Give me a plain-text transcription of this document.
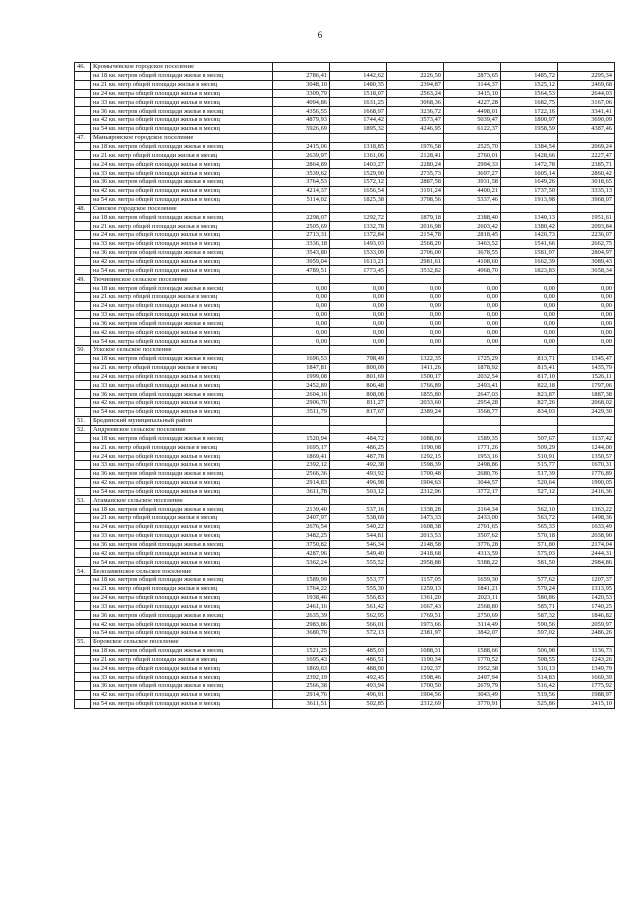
6
46.	Кромычевское городское поселение						
	на 18 кв. метров общей площади жилья в месяц	2786,41	1442,62	2226,50	2873,65	1485,72	2295,34
	на 21 кв. метр общей площади жилья в месяц	3048,10	1480,35	2394,87	3144,37	1525,12	2469,68
	на 24 кв. метра общей площади жилья в месяц	3309,79	1518,07	2563,24	3415,10	1564,53	2644,03
	на 33 кв. метра общей площади жилья в месяц	4094,86	1631,25	3068,36	4227,28	1682,75	3167,06
	на 36 кв. метров общей площади жилья в месяц	4356,55	1668,97	3236,72	4498,01	1722,16	3341,41
	на 42 кв. метра общей площади жилья в месяц	4879,93	1744,42	3573,47	5039,47	1800,97	3690,09
	на 54 кв. метра общей площади жилья в месяц	5926,69	1895,32	4246,95	6122,37	1958,59	4387,46
47.	Маньяровское городское поселение						
	на 18 кв. метров общей площади жилья в месяц	2415,06	1318,85	1976,58	2525,70	1384,54	2069,24
	на 21 кв. метр общей площади жилья в месяц	2639,97	1361,06	2128,41	2760,01	1428,66	2227,47
	на 24 кв. метра общей площади жилья в месяц	2864,89	1403,27	2280,24	2994,33	1472,78	2385,71
	на 33 кв. метра общей площади жилья в месяц	3539,62	1529,90	2735,73	3697,27	1605,14	2860,42
	на 36 кв. метров общей площади жилья в месяц	3764,53	1572,12	2887,58	3931,58	1649,26	3018,65
	на 42 кв. метра общей площади жилья в месяц	4214,37	1656,54	3191,24	4400,21	1737,50	3335,13
	на 54 кв. метра общей площади жилья в месяц	5114,02	1825,38	3798,56	5337,46	1913,98	3968,07
48.	Синское городское поселение						
	на 18 кв. метров общей площади жилья в месяц	2298,07	1292,72	1879,18	2388,40	1340,13	1951,61
	на 21 кв. метр общей площади жилья в месяц	2505,69	1332,78	2016,98	2603,42	1380,42	2093,84
	на 24 кв. метра общей площади жилья в месяц	2713,31	1372,84	2154,78	2818,45	1420,73	2236,07
	на 33 кв. метра общей площади жилья в месяц	3336,18	1493,03	2568,20	3463,52	1541,66	2662,75
	на 36 кв. метров общей площади жилья в месяц	3543,80	1533,09	2706,00	3678,55	1581,97	2804,97
	на 42 кв. метра общей площади жилья в месяц	3959,04	1613,21	2981,61	4108,60	1662,39	3089,43
	на 54 кв. метра общей площади жилья в месяц	4789,51	1773,45	3532,82	4968,70	1823,83	3658,34
49.	Тючипинское сельское поселение						
	на 18 кв. метров общей площади жилья в месяц	0,00	0,00	0,00	0,00	0,00	0,00
	на 21 кв. метр общей площади жилья в месяц	0,00	0,00	0,00	0,00	0,00	0,00
	на 24 кв. метра общей площади жилья в месяц	0,00	0,00	0,00	0,00	0,00	0,00
	на 33 кв. метра общей площади жилья в месяц	0,00	0,00	0,00	0,00	0,00	0,00
	на 36 кв. метров общей площади жилья в месяц	0,00	0,00	0,00	0,00	0,00	0,00
	на 42 кв. метра общей площади жилья в месяц	0,00	0,00	0,00	0,00	0,00	0,00
	на 54 кв. метра общей площади жилья в месяц	0,00	0,00	0,00	0,00	0,00	0,00
50.	Ускское сельское поселение						
	на 18 кв. метров общей площади жилья в месяц	1696,53	798,49	1322,35	1725,29	813,71	1345,47
	на 21 кв. метр общей площади жилья в месяц	1847,81	800,09	1411,26	1878,92	815,41	1435,79
	на 24 кв. метра общей площади жилья в месяц	1999,08	801,69	1500,17	2032,54	817,10	1526,11
	на 33 кв. метра общей площади жилья в месяц	2452,89	806,48	1766,89	2493,41	822,18	1797,06
	на 36 кв. метров общей площади жилья в месяц	2604,16	808,08	1855,80	2647,03	823,87	1887,38
	на 42 кв. метра общей площади жилья в месяц	2906,70	811,27	2033,60	2954,28	827,26	2068,02
	на 54 кв. метра общей площади жилья в месяц	3511,79	817,67	2389,24	3568,77	834,03	2429,30
51.	Брединский муниципальный район						
52.	Андреевское сельское поселение						
	на 18 кв. метров общей площади жилья в месяц	1520,94	484,72	1088,00	1589,35	507,67	1137,42
	на 21 кв. метр общей площади жилья в месяц	1695,17	486,25	1190,08	1771,26	509,29	1244,00
	на 24 кв. метра общей площади жилья в месяц	1869,41	487,78	1292,15	1953,16	510,91	1350,57
	на 33 кв. метра общей площади жилья в месяц	2392,12	492,38	1598,39	2498,86	515,77	1670,31
	на 36 кв. метров общей площади жилья в месяц	2566,36	493,92	1700,48	2680,76	517,39	1776,89
	на 42 кв. метра общей площади жилья в месяц	2914,83	496,98	1904,63	3044,57	520,64	1990,05
	на 54 кв. метра общей площади жилья в месяц	3611,78	503,12	2312,96	3772,17	527,12	2416,36
53.	Атаманское сельское поселение						
	на 18 кв. метров общей площади жилья в месяц	2139,40	537,16	1338,28	2164,34	562,10	1363,22
	на 21 кв. метр общей площади жилья в месяц	2407,97	538,69	1473,33	2433,00	563,72	1498,36
	на 24 кв. метра общей площади жилья в месяц	2676,54	540,22	1608,38	2701,65	565,33	1633,49
	на 33 кв. метра общей площади жилья в месяц	3482,25	544,81	2013,53	3507,62	570,18	2038,90
	на 36 кв. метров общей площади жилья в месяц	3750,82	546,34	2148,58	3776,28	571,80	2174,04
	на 42 кв. метра общей площади жилья в месяц	4287,96	549,40	2418,68	4313,59	575,03	2444,31
	на 54 кв. метра общей площади жилья в месяц	5362,24	555,52	2958,88	5388,22	581,50	2984,86
54.	Белозаменское сельское поселение						
	на 18 кв. метров общей площади жилья в месяц	1589,99	553,77	1157,05	1659,30	577,62	1207,37
	на 21 кв. метр общей площади жилья в месяц	1764,22	555,30	1259,13	1841,21	579,24	1313,95
	на 24 кв. метра общей площади жилья в месяц	1938,46	556,83	1361,20	2023,11	580,86	1420,53
	на 33 кв. метра общей площади жилья в месяц	2461,16	561,42	1667,43	2568,80	585,71	1740,25
	на 36 кв. метров общей площади жилья в месяц	2635,39	562,95	1769,51	2750,69	587,32	1846,82
	на 42 кв. метра общей площади жилья в месяц	2983,86	566,01	1973,66	3114,49	590,56	2059,97
	на 54 кв. метра общей площади жилья в месяц	3680,79	572,13	2381,97	3842,07	597,02	2486,26
55.	Боровское сельское поселение						
	на 18 кв. метров общей площади жилья в месяц	1521,25	485,03	1088,31	1588,66	506,98	1136,73
	на 21 кв. метр общей площади жилья в месяц	1695,43	486,51	1190,34	1770,52	508,55	1243,26
	на 24 кв. метра общей площади жилья в месяц	1869,63	488,00	1292,37	1952,38	510,13	1349,79
	на 33 кв. метра общей площади жилья в месяц	2392,19	492,45	1598,46	2497,94	514,83	1669,39
	на 36 кв. метров общей площади жилья в месяц	2566,38	493,94	1700,50	2679,79	516,42	1775,92
	на 42 кв. метра общей площади жилья в месяц	2914,76	496,91	1904,56	3043,49	519,56	1988,97
	на 54 кв. метра общей площади жилья в месяц	3611,51	502,85	2312,69	3770,91	525,86	2415,10
